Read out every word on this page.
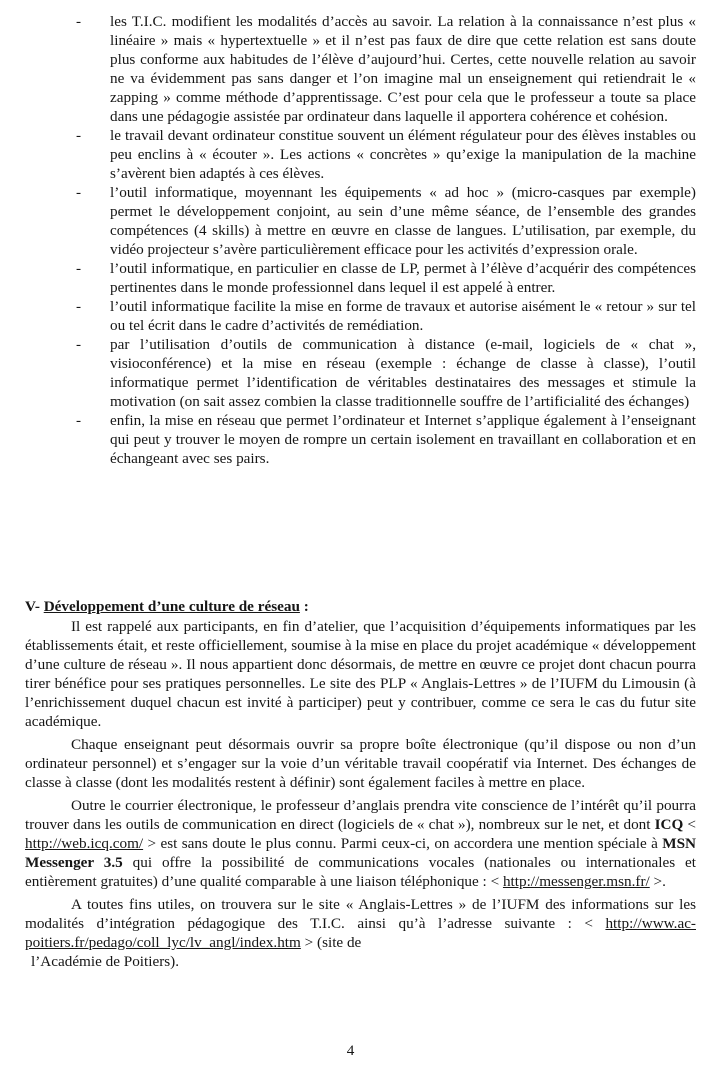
-	les T.I.C. modifient les modalités d’accès au savoir. La relation à la connaissance n’est plus « linéaire » mais « hypertextuelle » et il n’est pas faux de dire que cette relation est sans doute plus conforme aux habitudes de l’élève d’aujourd’hui. Certes, cette nouvelle relation au savoir ne va évidemment pas sans danger et l’on imagine mal un enseignement qui retiendrait le « zapping » comme méthode d’apprentissage. C’est pour cela que le professeur a toute sa place dans une pédagogie assistée par ordinateur dans laquelle il apportera cohérence et cohésion.
-	le travail devant ordinateur constitue souvent un élément régulateur pour des élèves instables ou peu enclins à « écouter ». Les actions « concrètes » qu’exige la manipulation de la machine s’avèrent bien adaptés à ces élèves.
-	l’outil informatique, moyennant les équipements « ad hoc » (micro-casques par exemple) permet le développement conjoint, au sein d’une même séance, de l’ensemble des grandes compétences (4 skills) à mettre en œuvre en classe de langues. L’utilisation, par exemple, du vidéo projecteur s’avère particulièrement efficace pour les activités d’expression orale.
-	l’outil informatique, en particulier en classe de LP, permet à l’élève d’acquérir des compétences pertinentes dans le monde professionnel dans lequel il est appelé à entrer.
-	l’outil informatique facilite la mise en forme de travaux et autorise aisément le « retour » sur tel ou tel écrit dans le cadre d’activités de remédiation.
-	par l’utilisation d’outils de communication à distance (e-mail, logiciels de « chat », visioconférence) et la mise en réseau (exemple : échange de classe à classe), l’outil informatique permet l’identification de véritables destinataires des messages et stimule la motivation (on sait assez combien la classe traditionnelle souffre de l’artificialité des échanges)
-	enfin, la mise en réseau que permet l’ordinateur et Internet s’applique également à l’enseignant qui peut y trouver le moyen de rompre un certain isolement en travaillant en collaboration et en échangeant avec ses pairs.

V- Développement d’une culture de réseau :

Il est rappelé aux participants, en fin d’atelier, que l’acquisition d’équipements informatiques par les établissements était, et reste officiellement, soumise à la mise en place du projet académique « développement d’une culture de réseau ». Il nous appartient donc désormais, de mettre en œuvre ce projet dont chacun pourra tirer bénéfice pour ses pratiques personnelles. Le site des PLP « Anglais-Lettres » de l’IUFM du Limousin (à l’enrichissement duquel chacun est invité à participer) peut y contribuer, comme ce sera le cas du futur site académique.

Chaque enseignant peut désormais ouvrir sa propre boîte électronique (qu’il dispose ou non d’un ordinateur personnel) et s’engager sur la voie d’un véritable travail coopératif via Internet. Des échanges de classe à classe (dont les modalités restent à définir) sont également faciles à mettre en place.

Outre le courrier électronique, le professeur d’anglais prendra vite conscience de l’intérêt qu’il pourra trouver dans les outils de communication en direct (logiciels de « chat »), nombreux sur le net, et dont ICQ < http://web.icq.com/ > est sans doute le plus connu. Parmi ceux-ci, on accordera une mention spéciale à MSN Messenger 3.5 qui offre la possibilité de communications vocales (nationales ou internationales et entièrement gratuites) d’une qualité comparable à une liaison téléphonique : < http://messenger.msn.fr/ >.

A toutes fins utiles, on trouvera sur le site « Anglais-Lettres » de l’IUFM des informations sur les modalités d’intégration pédagogique des T.I.C. ainsi qu’à l’adresse suivante : < http://www.ac-poitiers.fr/pedago/coll_lyc/lv_angl/index.htm > (site de

l’Académie de Poitiers).

4
